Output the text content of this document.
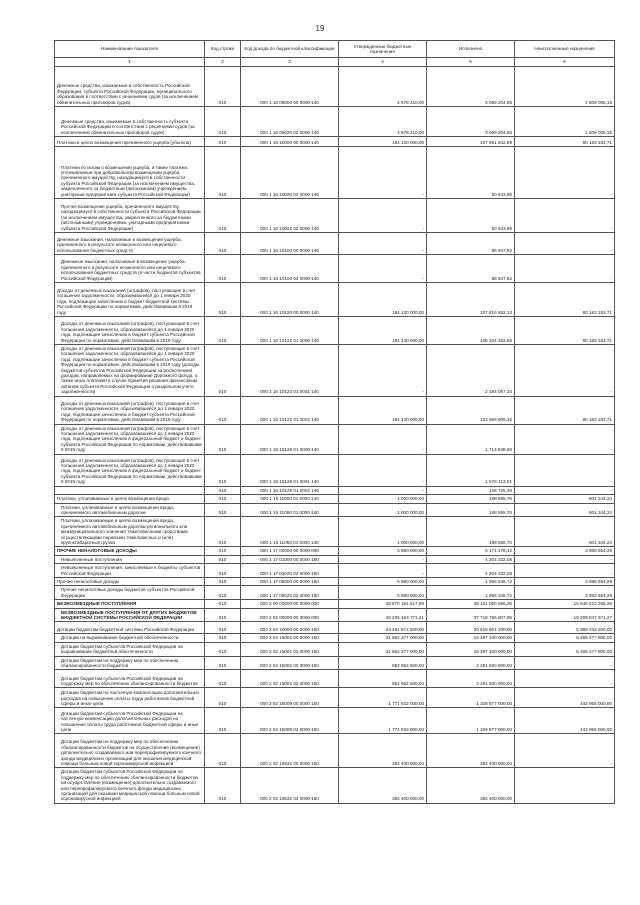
19
Наименование показателя	Код строки	Код дохода по бюджетной классификации	Утвержденные бюджетные назначения	Исполнено	Неисполненные назначения
1	2	3	4	5	6
Денежные средства, изымаемые в собственность Российской Федерации, субъекта Российской Федерации, муниципального образования в соответствии с решениями судов (за исключением обвинительных приговоров судов)	010	000 1 16 09000 00 0000 140	4 678 210,00	3 069 204,85	1 609 005,15
Денежные средства, изымаемые в собственность субъекта Российской Федерации в соответствии с решениями судов (за исключением обвинительных приговоров судов)	010	000 1 16 09020 02 0000 140	4 678 210,00	3 069 204,85	1 609 005,15
Платежи в целях возмещения причиненного ущерба (убытков)	010	000 1 16 10000 00 0000 140	184 130 000,00	107 961 842,89	80 183 183,71
Платежи по искам о возмещении ущерба, а также платежи, уплачиваемые при добровольном возмещении ущерба, причиненного имуществу, находящемуся в собственности субъекта Российской Федерации (за исключением имущества, закрепленного за бюджетным (автономным) учреждением, унитарным предприятием субъекта Российской Федерации)	010	000 1 16 10020 02 0000 140	-	50 843,86	-
Прочее возмещение ущерба, причиненного имуществу, находящемуся в собственности субъекта Российской Федерации (за исключением имущества, закрепленного за бюджетными (автономными) учреждениями, унитарными предприятиями субъекта Российской Федерации)	010	000 1 16 10022 02 0000 140	-	50 843,86	-
Денежные взыскания, налагаемые в возмещение ущерба, причиненного в результате незаконного или нецелевого использования бюджетных средств	010	000 1 16 10100 00 0000 140	-	86 947,62	-
Денежные взыскания, налагаемые в возмещение ущерба, причиненного в результате незаконного или нецелевого использования бюджетных средств (в части бюджетов субъектов Российской Федерации)	010	000 1 16 10100 02 0000 140	-	86 947,62	-
Доходы от денежных взысканий (штрафов), поступающие в счет погашения задолженности, образовавшейся до 1 января 2020 года, подлежащие зачислению в бюджет бюджетной системы Российской Федерации по нормативам, действовавшим в 2019 году	010	000 1 16 10120 00 0000 140	184 130 000,00	107 816 662,13	80 183 183,71
Доходы от денежных взысканий (штрафов), поступающие в счет погашения задолженности, образовавшейся до 1 января 2020 года, подлежащие зачислению в бюджет субъекта Российской Федерации по нормативам, действовавшим в 2019 году	010	000 1 16 10122 01 0000 140	184 130 000,00	106 104 483,65	80 183 183,71
Доходы от денежных взысканий (штрафов), поступающие в счет погашения задолженности, образовавшейся до 1 января 2020 года, подлежащие зачислению в бюджет субъекта Российской Федерации по нормативам, действовавшим в 2019 году (доходы бюджетов субъектов Российской Федерации за исключением доходов, направляемых на формирование Дорожного фонда, а также иных платежей в случае принятия решения финансовым органом субъекта Российской Федерации о раздельном учете задолженности)	010	000 1 16 10122 01 0001 140	-	2 184 057,34	-
Доходы от денежных взысканий (штрафов), поступающие в счет погашения задолженности, образовавшейся до 1 января 2020 года, подлежащие зачислению в бюджет субъекта Российской Федерации по нормативам, действовавшим в 2019 году	010	000 1 16 10122 01 0002 140	184 130 000,00	103 968 905,25	80 183 183,71
Доходы от денежных взысканий (штрафов), поступающие в счет погашения задолженности, образовавшейся до 1 января 2020 года, подлежащие зачислению в федеральный бюджет и бюджет субъекта Российской Федерации по нормативам, действовавшим в 2019 году	010	000 1 16 10128 01 0000 140	-	1 714 638,50	-
Доходы от денежных взысканий (штрафов), поступающие в счет погашения задолженности, образовавшейся до 1 января 2020 года, подлежащие зачислению в федеральный бюджет и бюджет субъекта Российской Федерации по нормативам, действовавшим в 2019 году	010	000 1 16 10128 01 0001 140	-	1 578 413,01	-
	010	000 1 16 10128 01 0002 140	-	136 725,49	-
Платежи, уплачиваемые в целях возмещения вреда	010	000 1 16 11000 01 0000 140	1 000 000,00	198 655,76	801 344,24
Платежи, уплачиваемые в целях возмещения вреда, причиняемого автомобильным дорогам	010	000 1 16 11060 01 0000 140	1 000 000,00	198 655,76	801 344,24
Платежи, уплачиваемые в целях возмещения вреда, причиняемого автомобильным дорогам регионального или межмуниципального значения тяжеловесными средствами, осуществляющими перевозки тяжеловесных и (или) крупногабаритных грузов	010	000 1 16 11063 01 0000 140	1 000 000,00	198 655,76	801 344,24
ПРОЧИЕ НЕНАЛОГОВЫЕ ДОХОДЫ	010	000 1 17 00000 00 0000 000	5 880 000,00	6 171 178,32	3 988 654,28
Невыясненные поступления	010	000 1 17 01000 00 0000 180	-	4 204 332,08	-
Невыясненные поступления, зачисляемые в бюджеты субъектов Российской Федерации	010	000 1 17 01020 02 0000 180	-	4 204 332,08	-
Прочие неналоговые доходы	010	000 1 17 05000 00 0000 180	5 880 000,00	1 966 846,72	3 988 654,28
Прочие неналоговые доходы бюджетов субъектов Российской Федерации	010	000 1 17 05020 02 0000 180	5 880 000,00	1 966 345,72	3 983 654,28
БЕЗВОЗМЕЗДНЫЕ ПОСТУПЛЕНИЯ	010	000 2 00 00000 00 0000 000	49 870 191 517,88	38 101 060 585,26	15 646 422 265,26
БЕЗВОЗМЕЗДНЫЕ ПОСТУПЛЕНИЯ ОТ ДРУГИХ БЮДЖЕТОВ БЮДЖЕТНОЙ СИСТЕМЫ РОССИЙСКОЙ ФЕДЕРАЦИИ	010	000 2 02 00000 00 0000 000	49 205 163 771,21	37 718 796 807,96	16 209 047 671,27
Дотации бюджетам бюджетной системы Российской Федерации	010	000 2 02 10000 00 0000 150	24 481 572 500,00	20 519 601 200,00	5 998 232 300,00
Дотации на выравнивание бюджетной обеспеченности	010	000 2 02 15001 00 0000 150	21 862 377 000,00	16 397 100 000,00	5 465 277 900,00
Дотации бюджетам субъектов Российской Федерации на выравнивание бюджетной обеспеченности	010	000 2 02 15001 02 0000 150	21 862 377 000,00	16 397 100 000,00	5 465 277 900,00
Дотации бюджетам на поддержку мер по обеспечению сбалансированности бюджетов	010	000 2 02 15002 00 0000 150	852 662 600,00	2 281 500 900,00	-
Дотации бюджетам субъектов Российской Федерации на поддержку мер по обеспечению сбалансированности бюджетов	010	000 2 02 15002 02 0000 150	852 662 600,00	2 281 500 900,00	-
Дотации бюджетам на частичную компенсацию дополнительных расходов на повышение оплаты труда работников бюджетной сферы и иные цели	010	000 2 02 15009 00 0000 150	1 771 832 000,00	1 328 877 000,00	442 955 000,00
Дотации бюджетам субъектов Российской Федерации на частичную компенсацию дополнительных расходов на повышение оплаты труда работников бюджетной сферы и иные цели	010	000 2 02 15009 02 0000 150	1 771 832 000,00	1 328 877 000,00	442 955 000,00
Дотации бюджетам на поддержку мер по обеспечению сбалансированности бюджетов на осуществление (возмещение) дополнительно создаваемого или перепрофилируемого коечного фонда медицинских организаций для оказания медицинской помощи больным новой коронавирусной инфекцией	010	000 2 02 15832 00 0000 150	364 400 000,00	364 400 000,00	-
Дотации бюджетам субъектов Российской Федерации на поддержку мер по обеспечению сбалансированности бюджетов на осуществление (возмещение) дополнительно создаваемого или перепрофилируемого коечного фонда медицинских организаций для оказания медицинской помощи больным новой коронавирусной инфекцией	010	000 2 02 15832 02 0000 150	364 400 000,00	364 400 000,00	-
